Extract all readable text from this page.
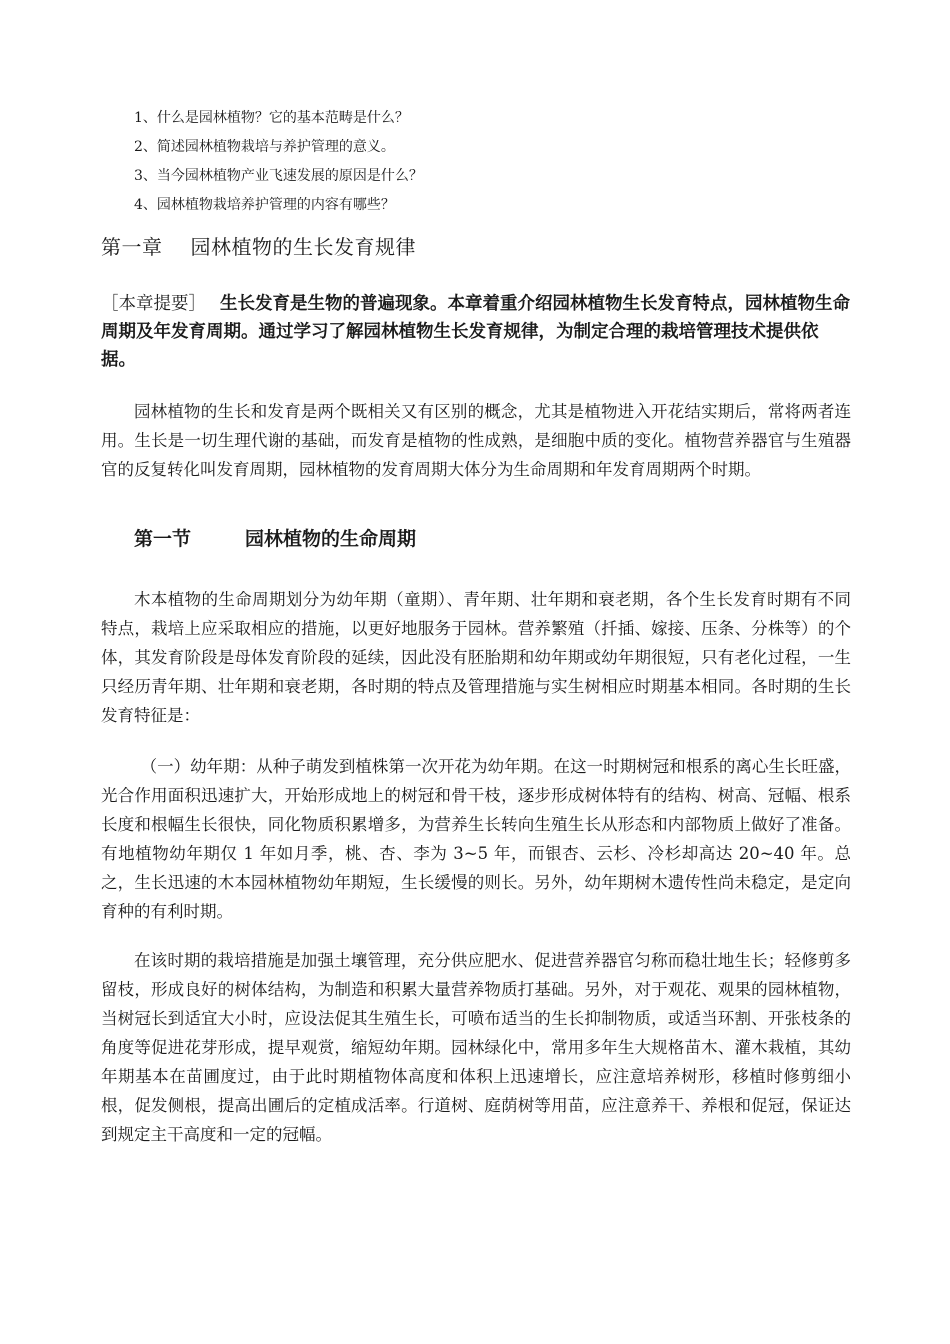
1、什么是园林植物？它的基本范畴是什么？
2、简述园林植物栽培与养护管理的意义。
3、当今园林植物产业飞速发展的原因是什么？
4、园林植物栽培养护管理的内容有哪些？
第一章 园林植物的生长发育规律
［本章提要］ 生长发育是生物的普遍现象。本章着重介绍园林植物生长发育特点，园林植物生命周期及年发育周期。通过学习了解园林植物生长发育规律，为制定合理的栽培管理技术提供依据。

园林植物的生长和发育是两个既相关又有区别的概念，尤其是植物进入开花结实期后，常将两者连用。生长是一切生理代谢的基础，而发育是植物的性成熟，是细胞中质的变化。植物营养器官与生殖器官的反复转化叫发育周期，园林植物的发育周期大体分为生命周期和年发育周期两个时期。

第一节	园林植物的生命周期

木本植物的生命周期划分为幼年期（童期）、青年期、壮年期和衰老期，各个生长发育时期有不同特点，栽培上应采取相应的措施，以更好地服务于园林。营养繁殖（扦插、嫁接、压条、分株等）的个体，其发育阶段是母体发育阶段的延续，因此没有胚胎期和幼年期或幼年期很短，只有老化过程，一生只经历青年期、壮年期和衰老期，各时期的特点及管理措施与实生树相应时期基本相同。各时期的生长发育特征是：

（一）幼年期：从种子萌发到植株第一次开花为幼年期。在这一时期树冠和根系的离心生长旺盛，光合作用面积迅速扩大，开始形成地上的树冠和骨干枝，逐步形成树体特有的结构、树高、冠幅、根系长度和根幅生长很快，同化物质积累增多，为营养生长转向生殖生长从形态和内部物质上做好了准备。有地植物幼年期仅 1 年如月季，桃、杏、李为 3~5 年，而银杏、云杉、冷杉却高达 20~40 年。总之，生长迅速的木本园林植物幼年期短，生长缓慢的则长。另外，幼年期树木遗传性尚未稳定，是定向育种的有利时期。

在该时期的栽培措施是加强土壤管理，充分供应肥水、促进营养器官匀称而稳壮地生长；轻修剪多留枝，形成良好的树体结构，为制造和积累大量营养物质打基础。另外，对于观花、观果的园林植物，当树冠长到适宜大小时，应设法促其生殖生长，可喷布适当的生长抑制物质，或适当环割、开张枝条的角度等促进花芽形成，提早观赏，缩短幼年期。园林绿化中，常用多年生大规格苗木、灌木栽植，其幼年期基本在苗圃度过，由于此时期植物体高度和体积上迅速增长，应注意培养树形，移植时修剪细小根，促发侧根，提高出圃后的定植成活率。行道树、庭荫树等用苗，应注意养干、养根和促冠，保证达到规定主干高度和一定的冠幅。
